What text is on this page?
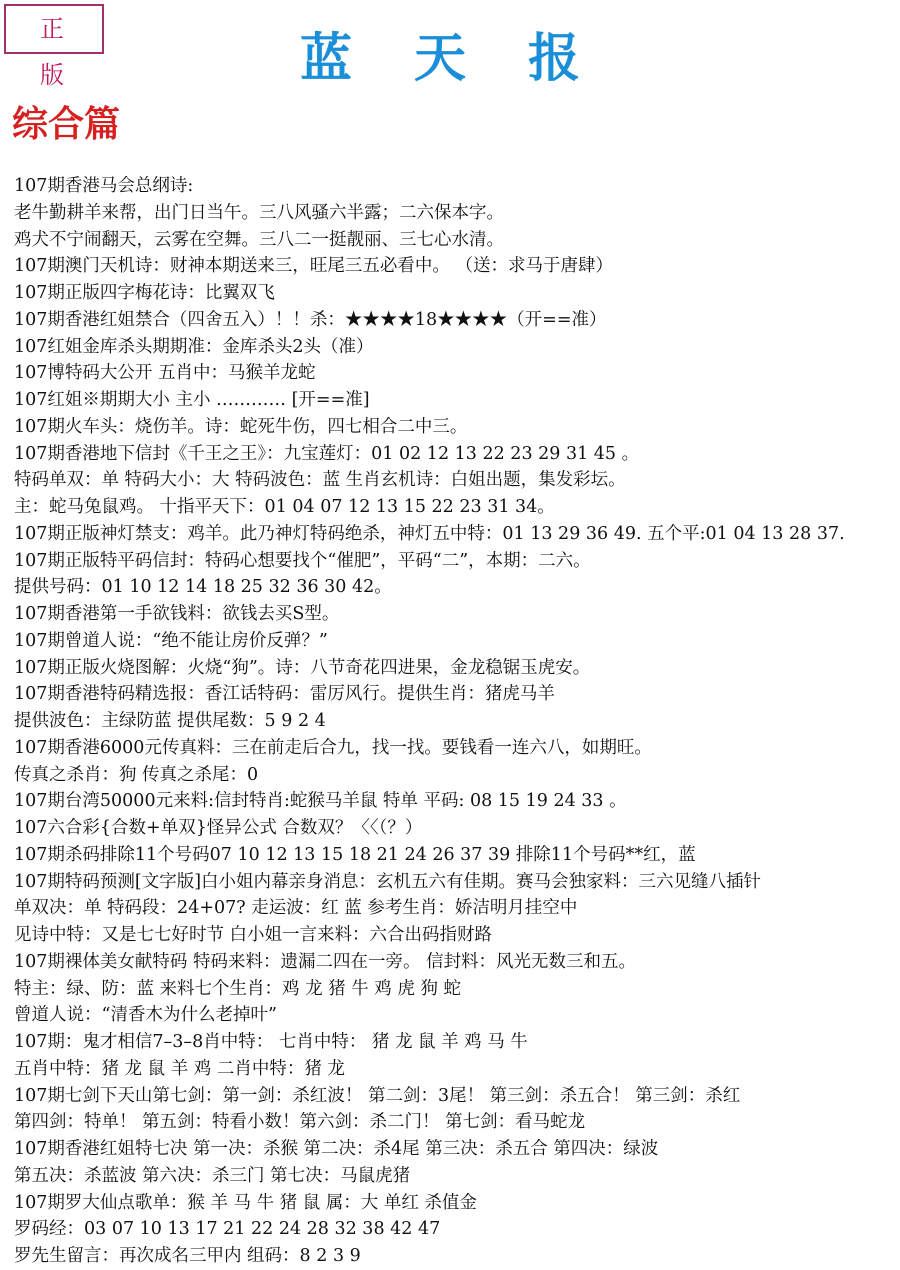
正 版	蓝天报
综合篇
107期香港马会总纲诗:
老牛勤耕羊来帮，出门日当午。三八风骚六半露；二六保本字。
鸡犬不宁闹翻天，云雾在空舞。三八二一挺靓丽、三七心水清。
107期澳门天机诗：财神本期送来三，旺尾三五必看中。 （送：求马于唐肆）
107期正版四字梅花诗：比翼双飞
107期香港红姐禁合（四舍五入）！！杀：★★★★18★★★★（开==准）
107红姐金库杀头期期准：金库杀头2头（准）
107博特码大公开 五肖中：马猴羊龙蛇
107红姐※期期大小 主小 ………… [开==准]
107期火车头：烧伤羊。诗：蛇死牛伤，四七相合二中三。
107期香港地下信封《千王之王》：九宝莲灯：01 02 12 13 22 23 29 31 45 。
特码单双：单 特码大小：大 特码波色：蓝 生肖玄机诗：白姐出题，集发彩坛。
主：蛇马兔鼠鸡。 十指平天下：01 04 07 12 13 15 22 23 31 34。
107期正版神灯禁支：鸡羊。此乃神灯特码绝杀，神灯五中特：01 13 29 36 49. 五个平:01 04 13 28 37.
107期正版特平码信封：特码心想要找个“催肥”，平码“二”，本期：二六。
提供号码：01 10 12 14 18 25 32 36 30 42。
107期香港第一手欲钱料：欲钱去买S型。
107期曾道人说：“绝不能让房价反弹？”
107期正版火烧图解：火烧“狗”。诗：八节奇花四进果，金龙稳锯玉虎安。
107期香港特码精选报：香江话特码：雷厉风行。提供生肖：猪虎马羊
提供波色：主绿防蓝 提供尾数：5 9 2 4
107期香港6000元传真料：三在前走后合九，找一找。要钱看一连六八，如期旺。
传真之杀肖：狗 传真之杀尾：0
107期台湾50000元来料:信封特肖:蛇猴马羊鼠 特单 平码: 08 15 19 24 33 。
107六合彩{合数+单双}怪异公式 合数双？〈〈（？）
107期杀码排除11个号码07 10 12 13 15 18 21 24 26 37 39 排除11个号码**红，蓝
107期特码预测[文字版]白小姐内幕亲身消息：玄机五六有佳期。赛马会独家料：三六见缝八插针
单双决：单 特码段：24+07? 走运波：红 蓝 参考生肖：娇洁明月挂空中
见诗中特：又是七七好时节 白小姐一言来料：六合出码指财路
107期裸体美女献特码 特码来料：遗漏二四在一旁。 信封料：风光无数三和五。
特主：绿、防：蓝 来料七个生肖：鸡 龙 猪 牛 鸡 虎 狗 蛇
曾道人说：“清香木为什么老掉叶”
107期：鬼才相信7–3–8肖中特： 七肖中特： 猪 龙 鼠 羊 鸡 马 牛
五肖中特：猪 龙 鼠 羊 鸡 二肖中特：猪 龙
107期七剑下天山第七剑：第一剑：杀红波！ 第二剑：3尾！ 第三剑：杀五合！ 第三剑：杀红
第四剑：特单！ 第五剑：特看小数！第六剑：杀二门！ 第七剑：看马蛇龙
107期香港红姐特七决 第一决：杀猴 第二决：杀4尾 第三决：杀五合 第四决：绿波
第五决：杀蓝波 第六决：杀三门 第七决：马鼠虎猪
107期罗大仙点歌单：猴 羊 马 牛 猪 鼠 属：大 单红 杀值金
罗码经：03 07 10 13 17 21 22 24 28 32 38 42 47
罗先生留言：再次成名三甲内 组码：8 2 3 9
